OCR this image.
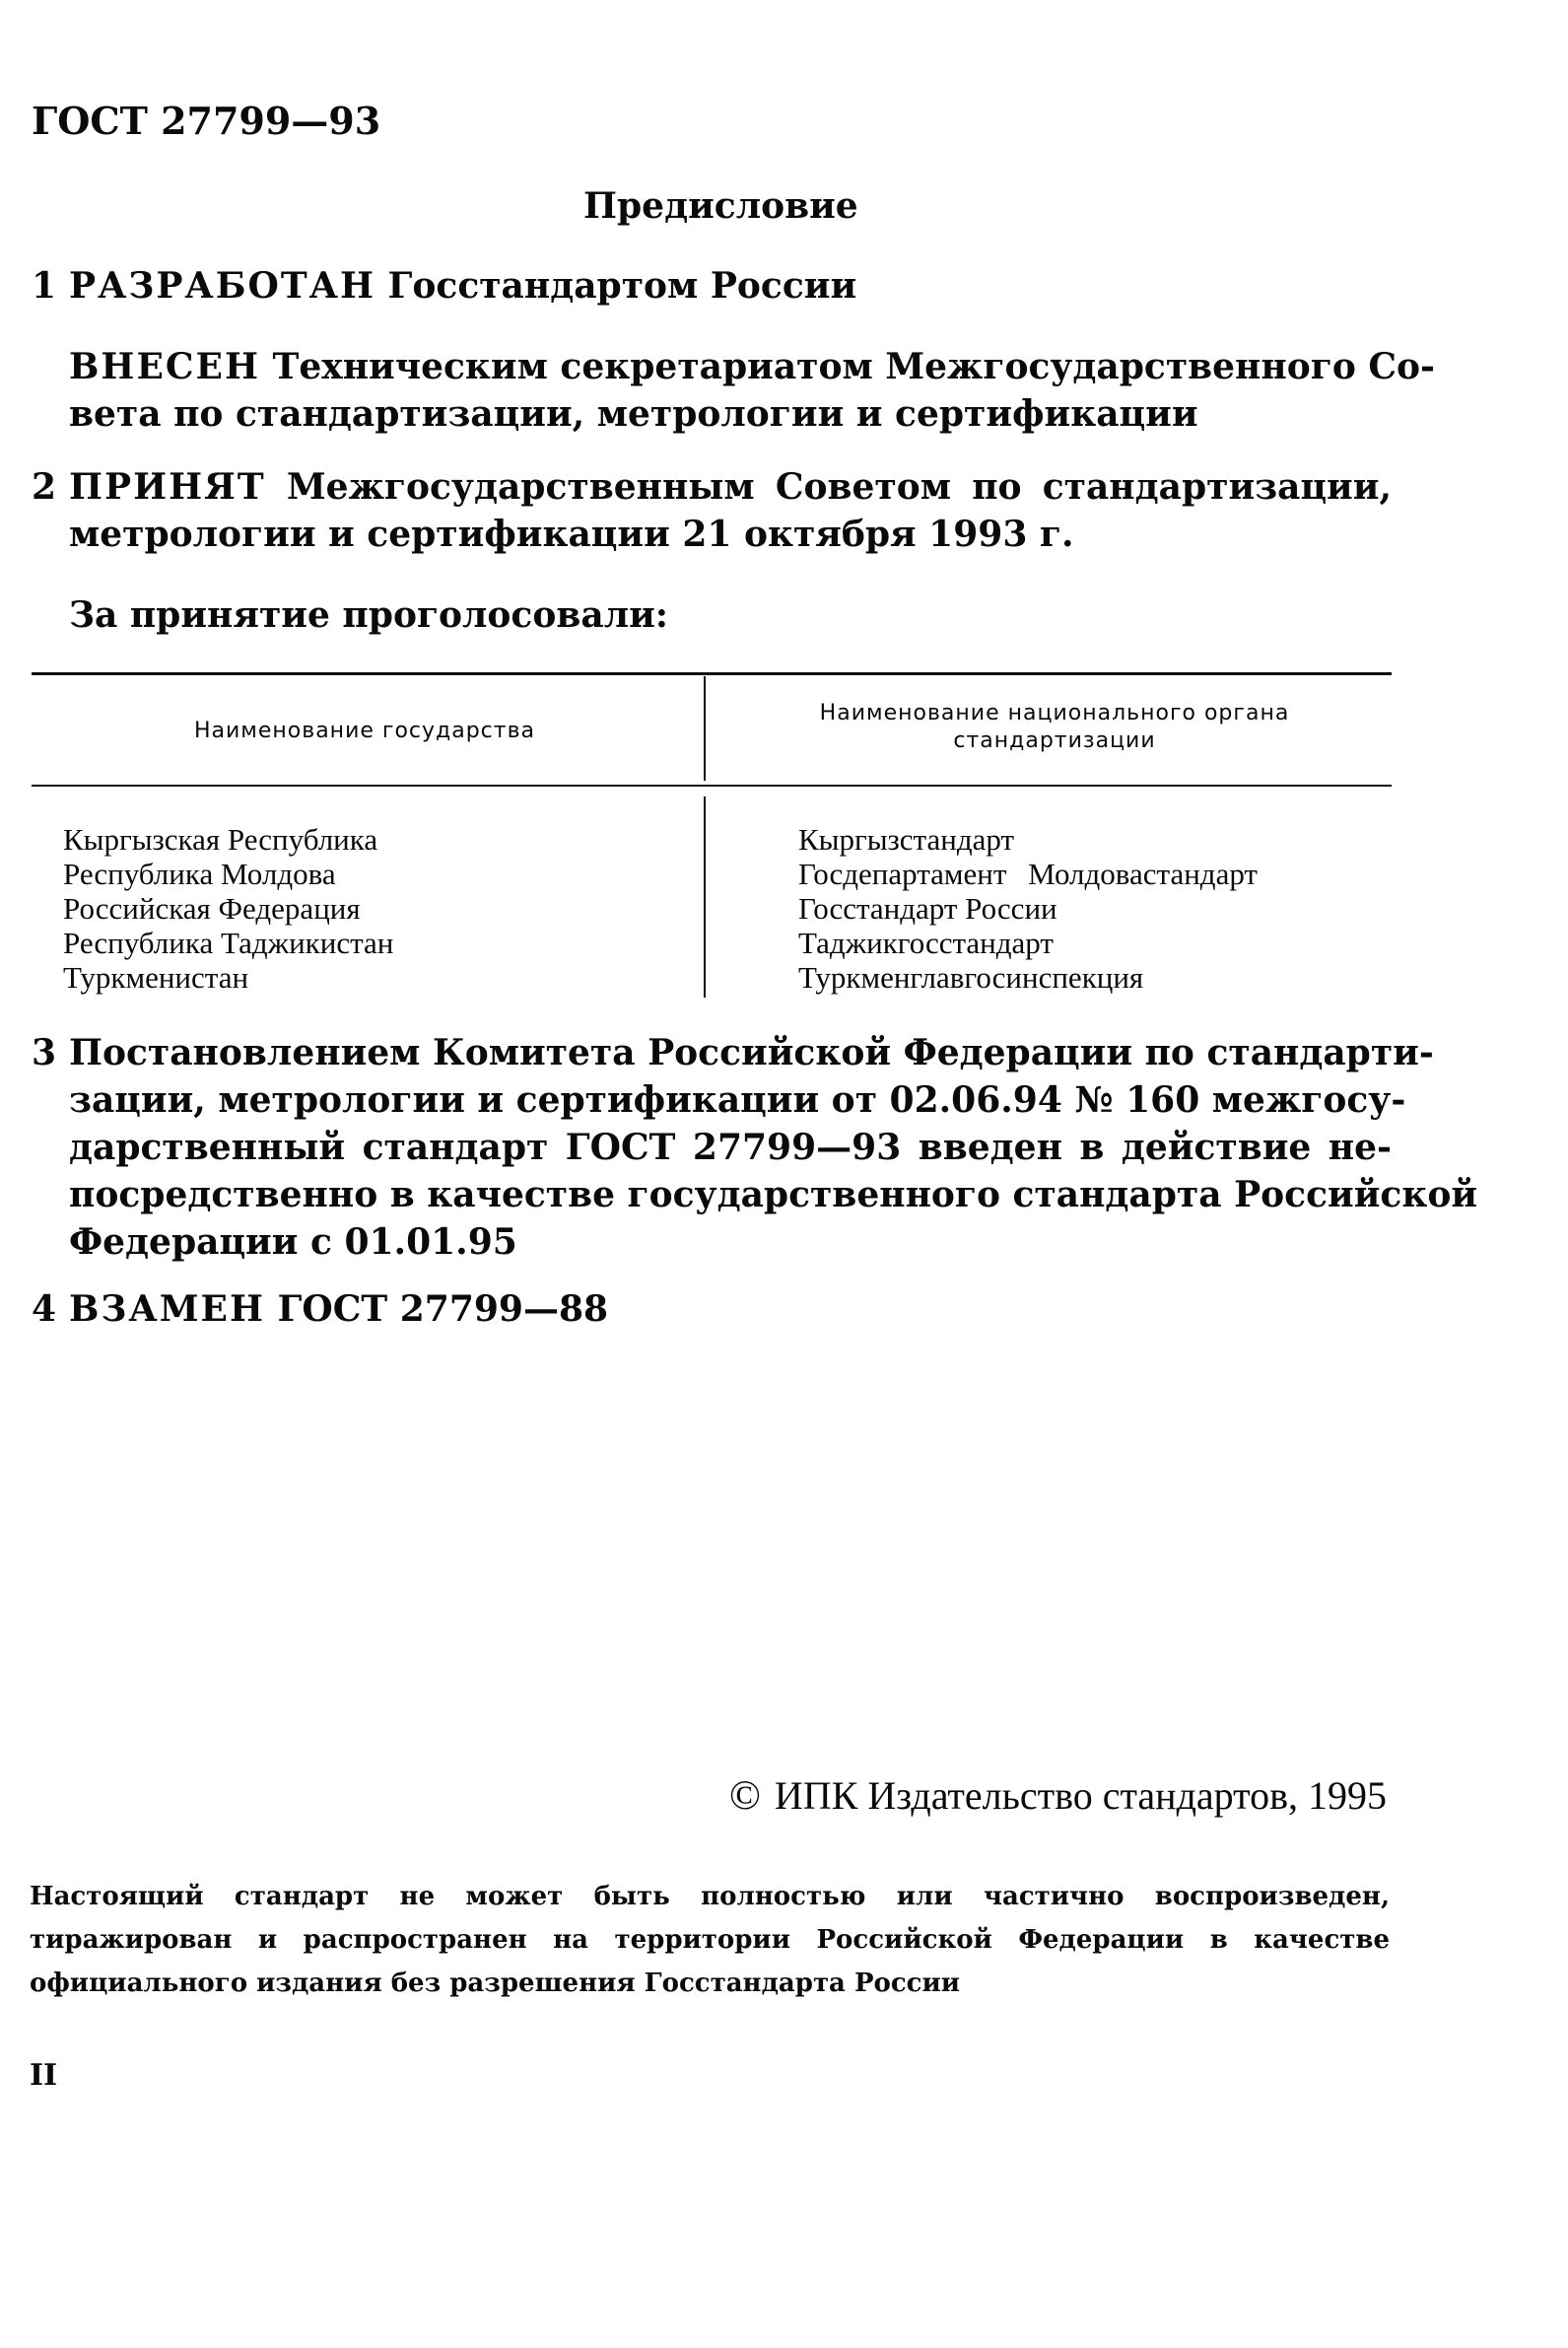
ГОСТ 27799—93
Предисловие
1 РАЗРАБОТАН Госстандартом России
ВНЕСЕН Техническим секретариатом Межгосударственного Со-
вета по стандартизации, метрологии и сертификации
2 ПРИНЯТ Межгосударственным Советом по стандартизации,
метрологии и сертификации 21 октября 1993 г.
За принятие проголосовали:
Наименование государства
Наименование национального органа
стандартизации
Кыргызская Республика	Кыргызстандарт
Республика Молдова	Госдепартамент Молдовастандарт
Российская Федерация	Госстандарт России
Республика Таджикистан	Таджикгосстандарт
Туркменистан	Туркменглавгосинспекция
3 Постановлением Комитета Российской Федерации по стандарти-
зации, метрологии и сертификации от 02.06.94 № 160 межгосу-
дарственный стандарт ГОСТ 27799—93 введен в действие не-
посредственно в качестве государственного стандарта Российской
Федерации с 01.01.95
4 ВЗАМЕН ГОСТ 27799—88
© ИПК Издательство стандартов, 1995
Настоящий стандарт не может быть полностью или частично воспроизведен,
тиражирован и распространен на территории Российской Федерации в качестве
официального издания без разрешения Госстандарта России
II
